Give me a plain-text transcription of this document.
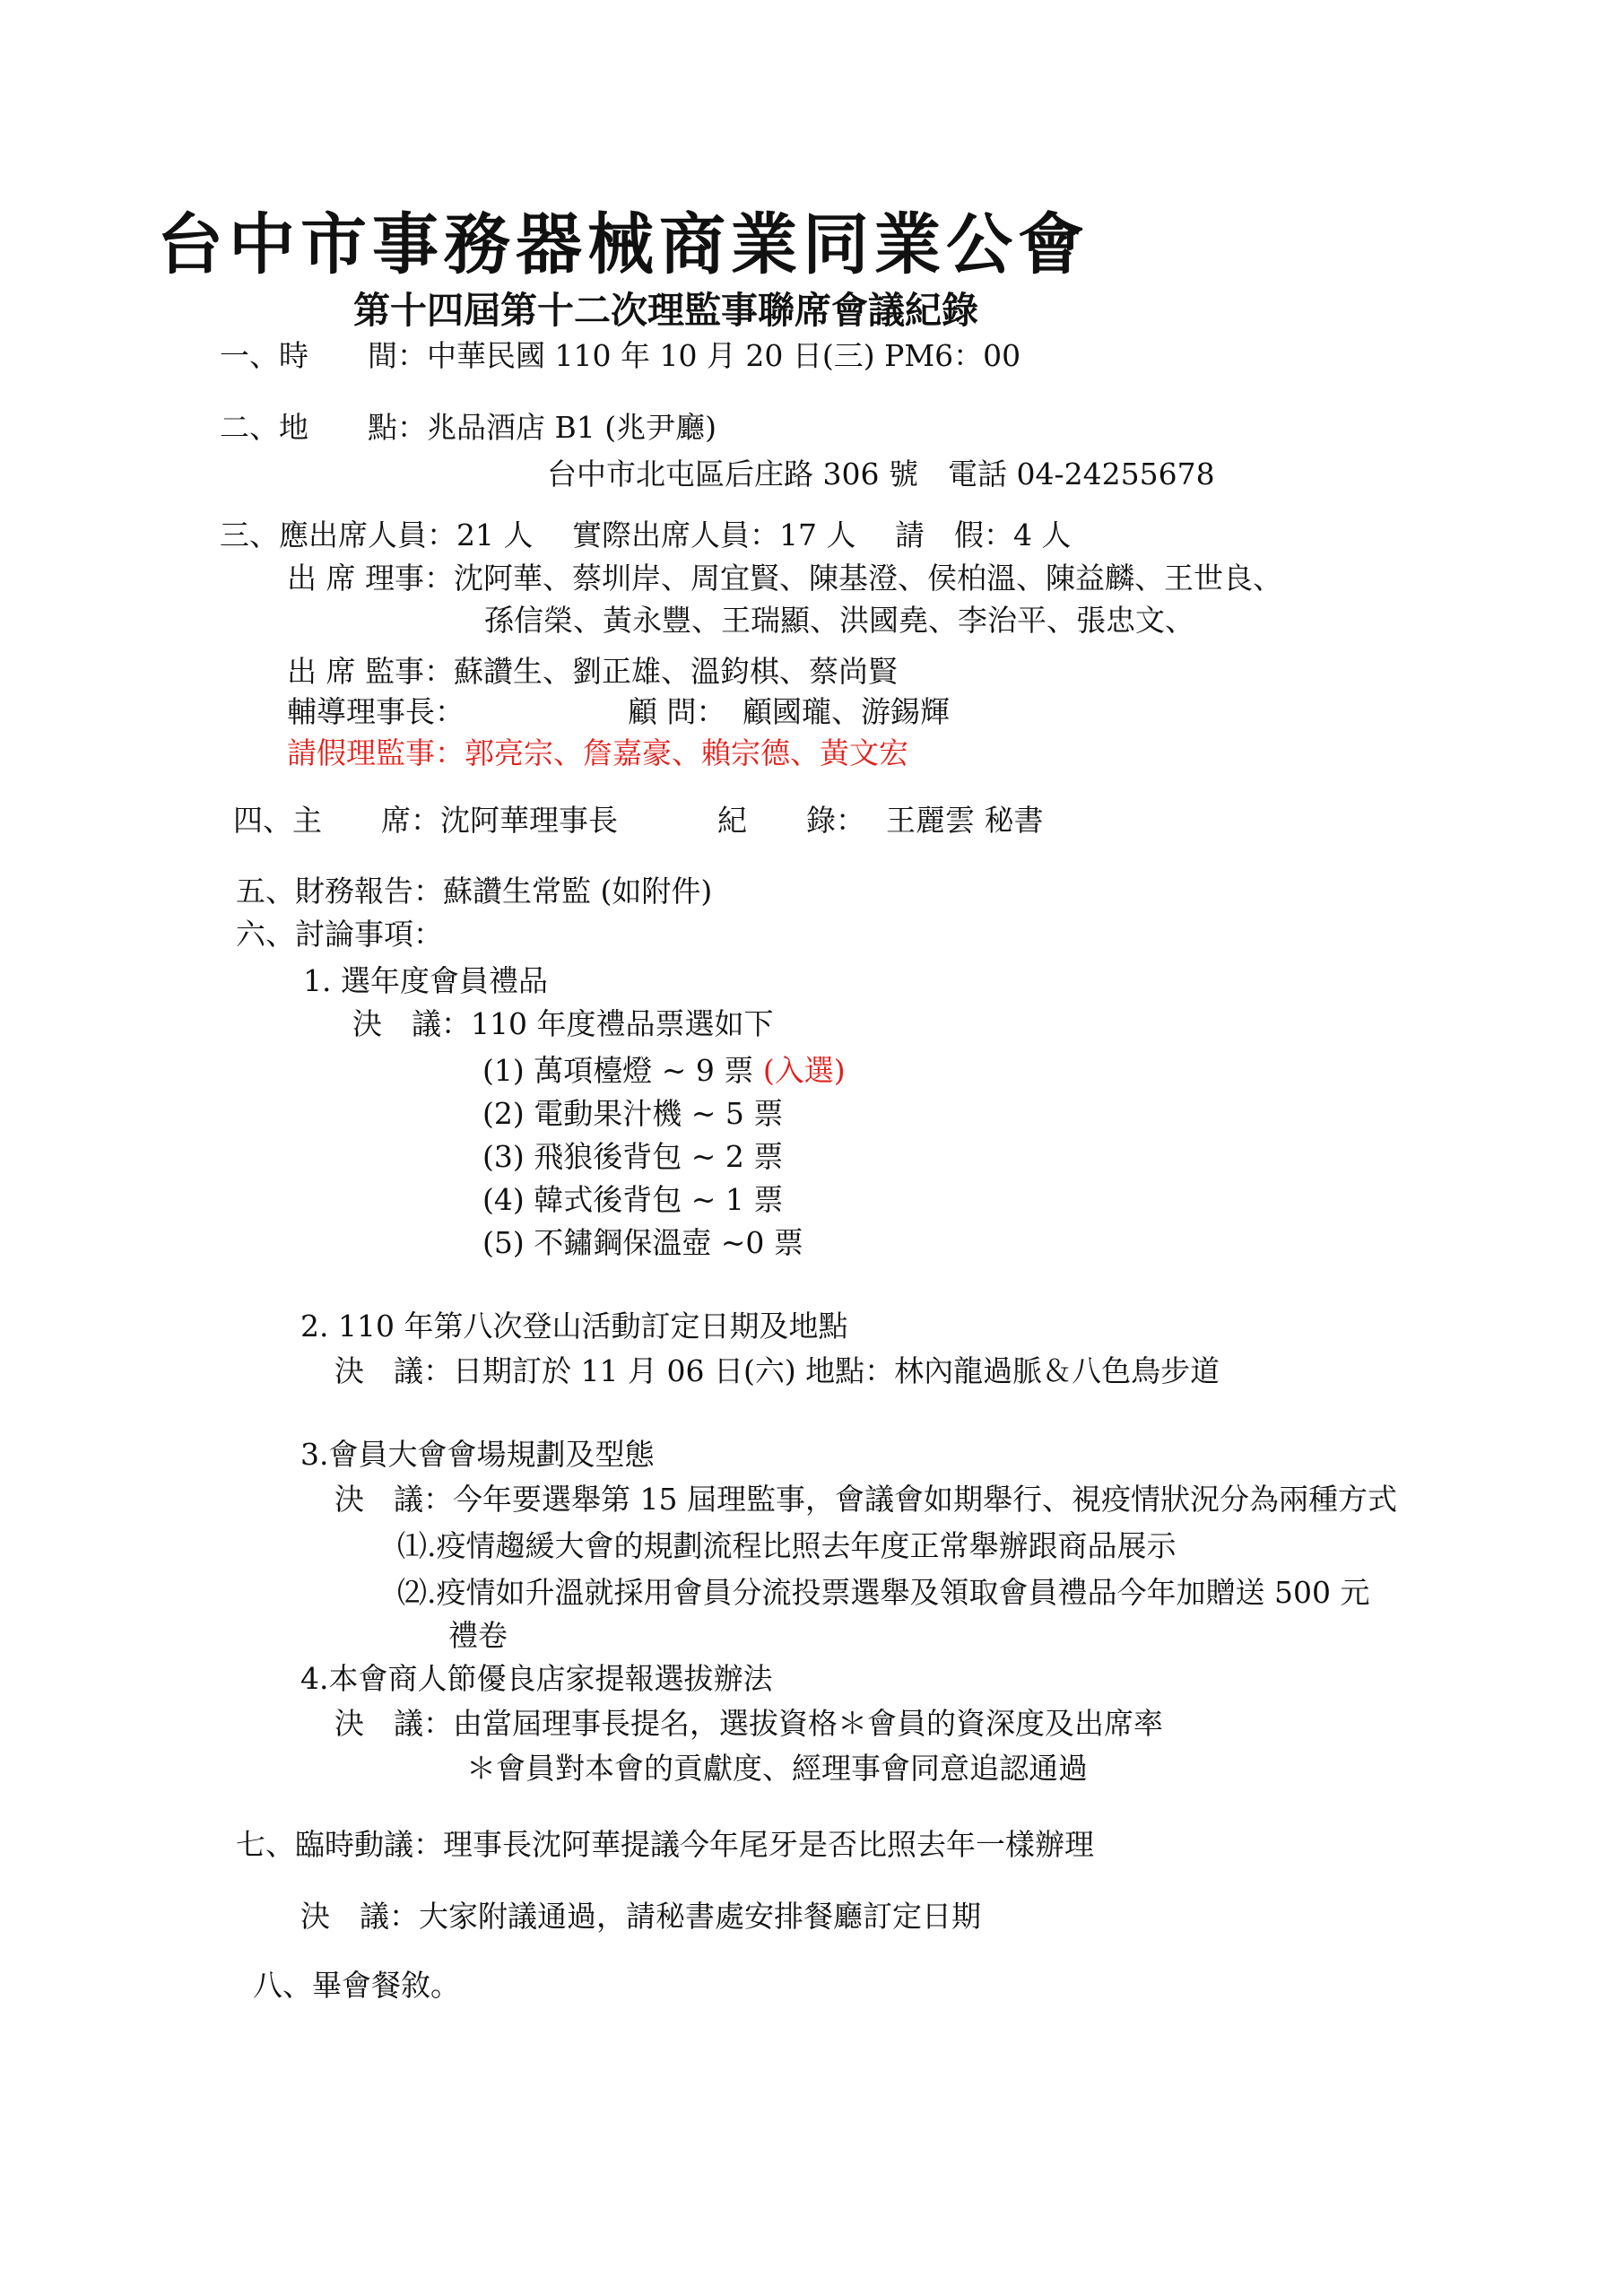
台中市事務器械商業同業公會
第十四屆第十二次理監事聯席會議紀錄
一、時　　間：中華民國 110 年 10 月 20 日(三) PM6：00
二、地　　點：兆品酒店 B1 (兆尹廳)
台中市北屯區后庄路 306 號　電話 04-24255678
三、應出席人員：21 人　 實際出席人員：17 人　 請　假：4 人
出 席 理事：沈阿華、蔡圳岸、周宜賢、陳基澄、侯柏溫、陳益麟、王世良、
孫信榮、黃永豐、王瑞顯、洪國堯、李治平、張忠文、
出 席 監事：蘇讚生、劉正雄、溫鈞棋、蔡尚賢
輔導理事長：	顧 問： 顧國瓏、游錫輝
請假理監事：郭亮宗、詹嘉豪、賴宗德、黃文宏
四、主　　席：沈阿華理事長	紀　　錄： 王麗雲 秘書
五、財務報告：蘇讚生常監 (如附件)
六、討論事項：
1. 選年度會員禮品
決　議：110 年度禮品票選如下
(1) 萬項檯燈 ~ 9 票 (入選)
(2) 電動果汁機 ~ 5 票
(3) 飛狼後背包 ~ 2 票
(4) 韓式後背包 ~ 1 票
(5) 不鏽鋼保溫壺 ~0 票
2. 110 年第八次登山活動訂定日期及地點
決　議：日期訂於 11 月 06 日(六) 地點：林內龍過脈＆八色鳥步道
3.會員大會會場規劃及型態
決　議：今年要選舉第 15 屆理監事，會議會如期舉行、視疫情狀況分為兩種方式
⑴.疫情趨緩大會的規劃流程比照去年度正常舉辦跟商品展示
⑵.疫情如升溫就採用會員分流投票選舉及領取會員禮品今年加贈送 500 元
禮卷
4.本會商人節優良店家提報選拔辦法
決　議：由當屆理事長提名，選拔資格＊會員的資深度及出席率
＊會員對本會的貢獻度、經理事會同意追認通過
七、臨時動議：理事長沈阿華提議今年尾牙是否比照去年一樣辦理
決　議：大家附議通過，請秘書處安排餐廳訂定日期
八、畢會餐敘。
